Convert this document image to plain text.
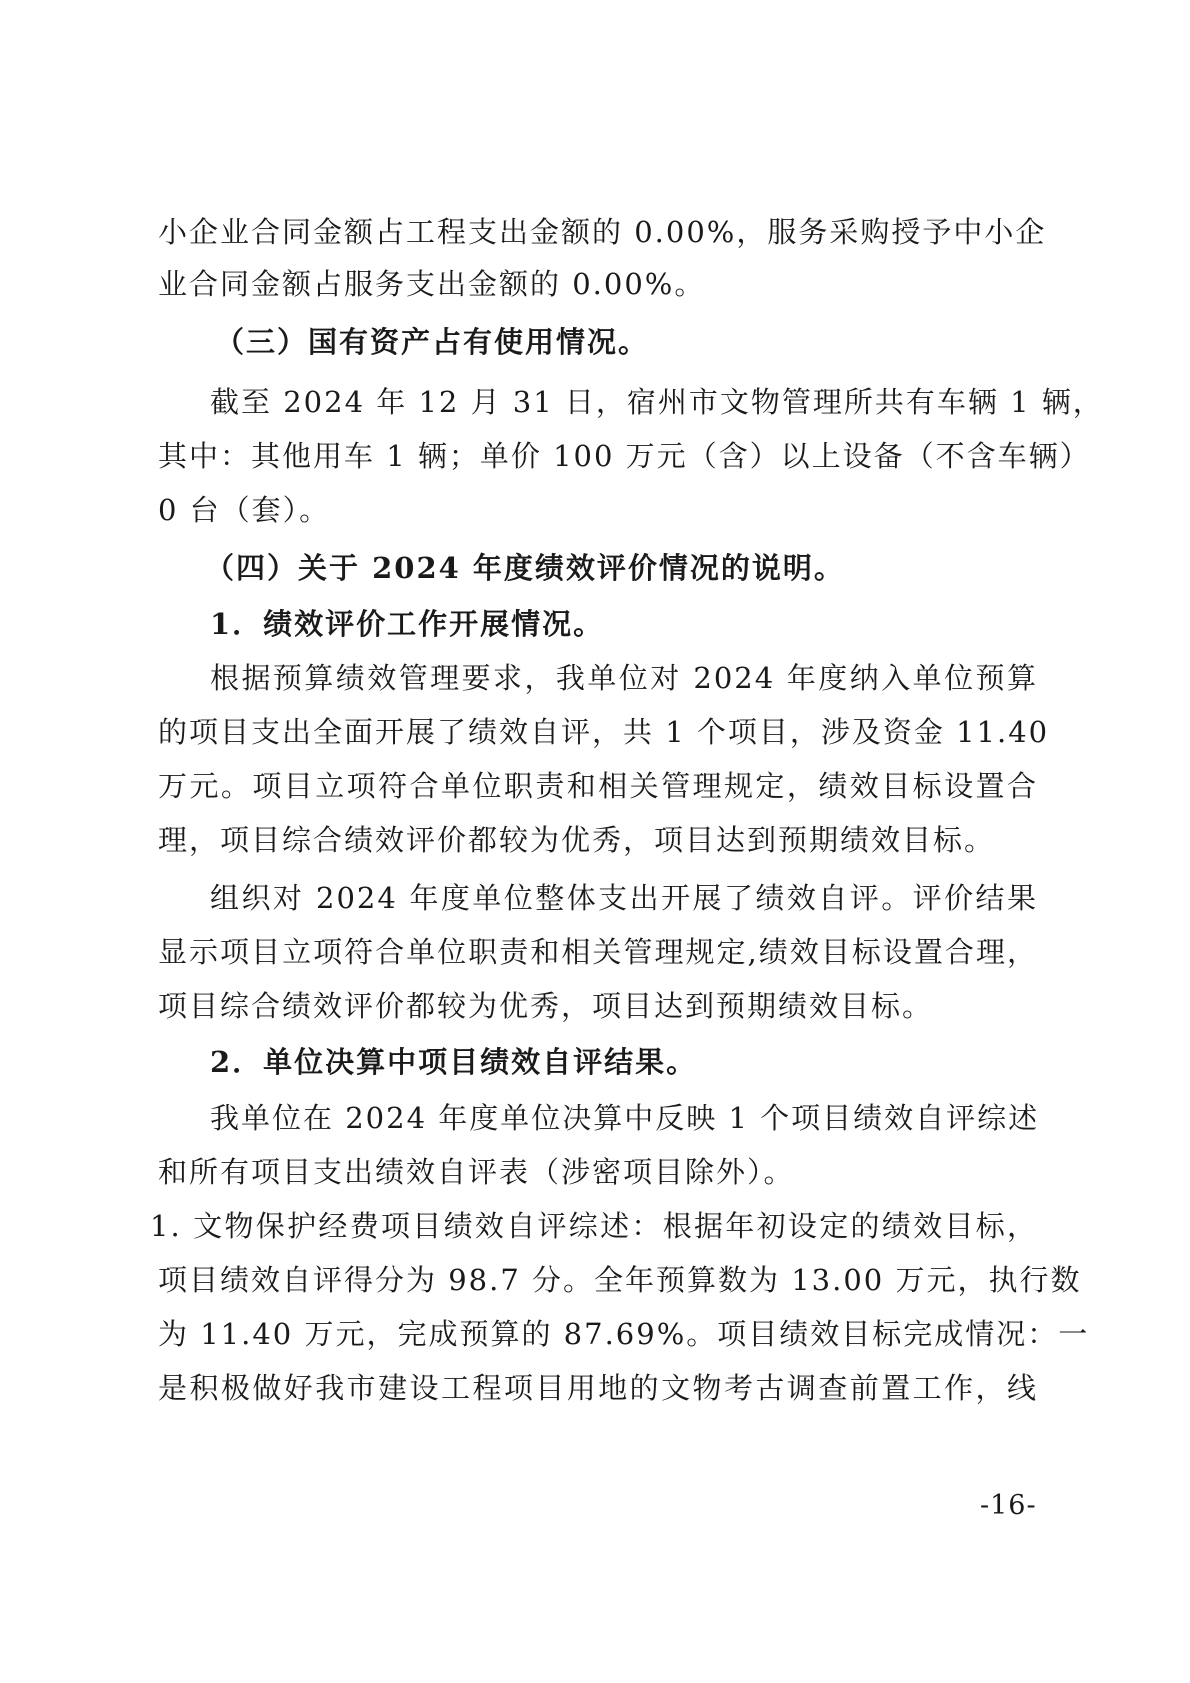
小企业合同金额占工程支出金额的 0.00%，服务采购授予中小企
业合同金额占服务支出金额的 0.00%。
（三）国有资产占有使用情况。
截至 2024 年 12 月 31 日，宿州市文物管理所共有车辆 1 辆，
其中：其他用车 1 辆；单价 100 万元（含）以上设备（不含车辆）
0 台（套）。
（四）关于 2024 年度绩效评价情况的说明。
1．绩效评价工作开展情况。
根据预算绩效管理要求，我单位对 2024 年度纳入单位预算
的项目支出全面开展了绩效自评，共 1 个项目，涉及资金 11.40
万元。项目立项符合单位职责和相关管理规定，绩效目标设置合
理，项目综合绩效评价都较为优秀，项目达到预期绩效目标。
组织对 2024 年度单位整体支出开展了绩效自评。评价结果
显示项目立项符合单位职责和相关管理规定,绩效目标设置合理，
项目综合绩效评价都较为优秀，项目达到预期绩效目标。
2．单位决算中项目绩效自评结果。
我单位在 2024 年度单位决算中反映 1 个项目绩效自评综述
和所有项目支出绩效自评表（涉密项目除外）。
1. 文物保护经费项目绩效自评综述：根据年初设定的绩效目标，
项目绩效自评得分为 98.7 分。全年预算数为 13.00 万元，执行数
为 11.40 万元，完成预算的 87.69%。项目绩效目标完成情况：一
是积极做好我市建设工程项目用地的文物考古调查前置工作，线
-16-
